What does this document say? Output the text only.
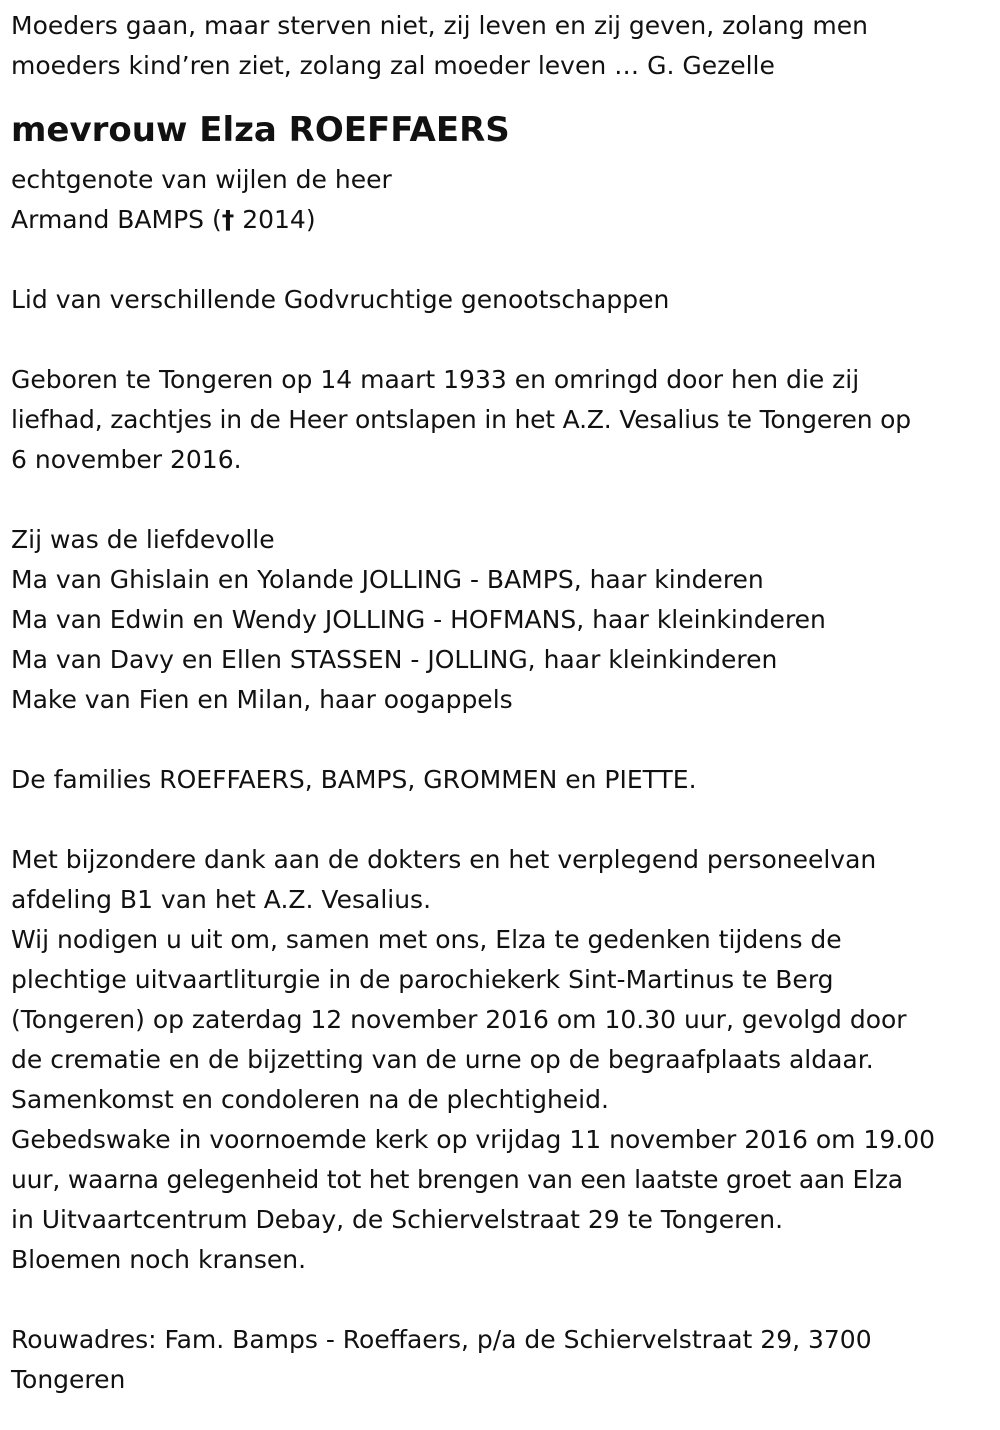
Moeders gaan, maar sterven niet, zij leven en zij geven, zolang men
moeders kind’ren ziet, zolang zal moeder leven … G. Gezelle
mevrouw Elza ROEFFAERS
echtgenote van wijlen de heer
Armand BAMPS († 2014)
Lid van verschillende Godvruchtige genootschappen
Geboren te Tongeren op 14 maart 1933 en omringd door hen die zij
liefhad, zachtjes in de Heer ontslapen in het A.Z. Vesalius te Tongeren op
6 november 2016.
Zij was de liefdevolle
Ma van Ghislain en Yolande JOLLING - BAMPS, haar kinderen
Ma van Edwin en Wendy JOLLING - HOFMANS, haar kleinkinderen
Ma van Davy en Ellen STASSEN - JOLLING, haar kleinkinderen
Make van Fien en Milan, haar oogappels
De families ROEFFAERS, BAMPS, GROMMEN en PIETTE.
Met bijzondere dank aan de dokters en het verplegend personeelvan
afdeling B1 van het A.Z. Vesalius.
Wij nodigen u uit om, samen met ons, Elza te gedenken tijdens de
plechtige uitvaartliturgie in de parochiekerk Sint-Martinus te Berg
(Tongeren) op zaterdag 12 november 2016 om 10.30 uur, gevolgd door
de crematie en de bijzetting van de urne op de begraafplaats aldaar.
Samenkomst en condoleren na de plechtigheid.
Gebedswake in voornoemde kerk op vrijdag 11 november 2016 om 19.00
uur, waarna gelegenheid tot het brengen van een laatste groet aan Elza
in Uitvaartcentrum Debay, de Schiervelstraat 29 te Tongeren.
Bloemen noch kransen.
Rouwadres: Fam. Bamps - Roeffaers, p/a de Schiervelstraat 29, 3700
Tongeren
